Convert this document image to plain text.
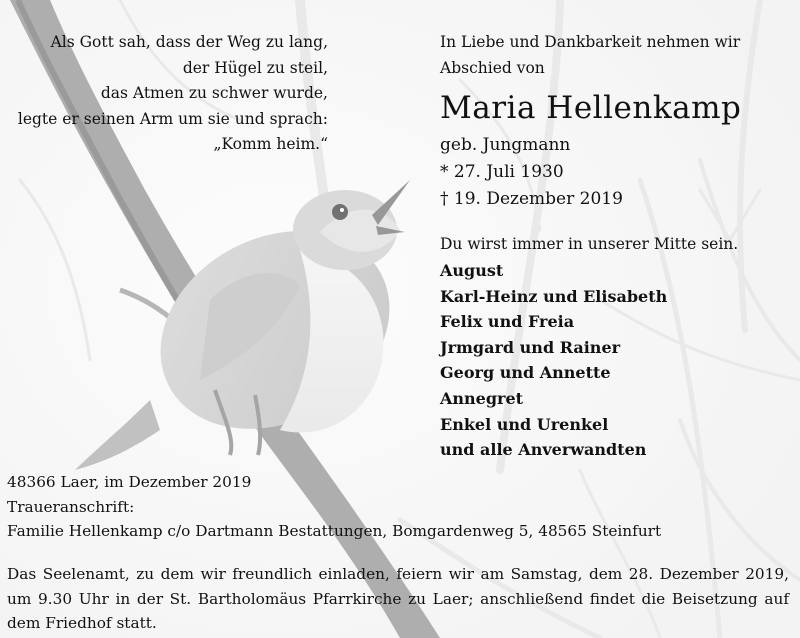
Als Gott sah, dass der Weg zu lang,
der Hügel zu steil,
das Atmen zu schwer wurde,
legte er seinen Arm um sie und sprach:
„Komm heim.“
In Liebe und Dankbarkeit nehmen wir
Abschied von
Maria Hellenkamp
geb. Jungmann
* 27. Juli 1930
† 19. Dezember 2019
Du wirst immer in unserer Mitte sein.
August
Karl-Heinz und Elisabeth
Felix und Freia
Jrmgard und Rainer
Georg und Annette
Annegret
Enkel und Urenkel
und alle Anverwandten
48366 Laer, im Dezember 2019
Traueranschrift:
Familie Hellenkamp c/o Dartmann Bestattungen, Bomgardenweg 5, 48565 Steinfurt
Das Seelenamt, zu dem wir freundlich einladen, feiern wir am Samstag, dem 28. Dezember 2019, um 9.30 Uhr in der St. Bartholomäus Pfarrkirche zu Laer; anschließend findet die Beisetzung auf dem Friedhof statt.
